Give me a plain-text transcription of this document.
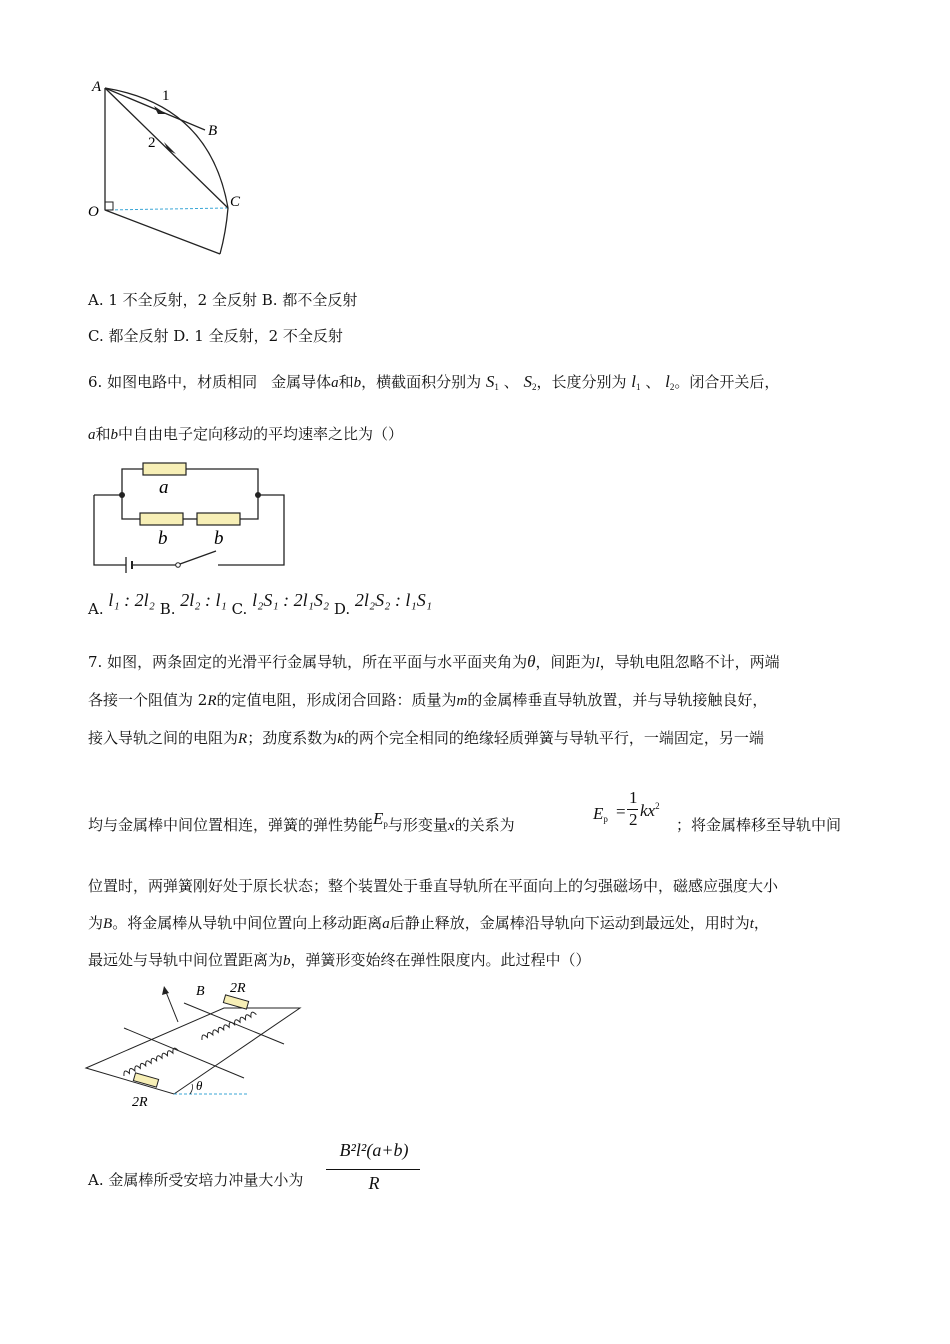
A
B
C
O
1
2
A. 1 不全反射，2 全反射 B. 都不全反射
C. 都全反射 D. 1 全反射，2 不全反射
6. 如图电路中，材质相同 金属导体a和b，横截面积分别为 $S_1$ 、 $S_2$，长度分别为 $l_1$ 、 $l_2$。闭合开关后，
a和b中自由电子定向移动的平均速率之比为（）
a
b b
A. l₁ : 2l₂ B. 2l₂ : l₁ C. l₂S₁ : 2l₁S₂ D. 2l₂S₂ : l₁S₁
7. 如图，两条固定的光滑平行金属导轨，所在平面与水平面夹角为θ，间距为l，导轨电阻忽略不计，两端
各接一个阻值为 2R的定值电阻，形成闭合回路：质量为m的金属棒垂直导轨放置，并与导轨接触良好，
接入导轨之间的电阻为R；劲度系数为k的两个完全相同的绝缘轻质弹簧与导轨平行，一端固定，另一端
均与金属棒中间位置相连，弹簧的弹性势能$E_p$与形变量x的关系为
$E_p$ =
1
2 $kx^2$
；将金属棒移至导轨中间
位置时，两弹簧刚好处于原长状态；整个装置处于垂直导轨所在平面向上的匀强磁场中，磁感应强度大小
为B。将金属棒从导轨中间位置向上移动距离a后静止释放，金属棒沿导轨向下运动到最远处，用时为t，
最远处与导轨中间位置距离为b，弹簧形变始终在弹性限度内。此过程中（）
B 2R
2R
θ
A. 金属棒所受安培力冲量大小为
B²l²(a+b)
R
